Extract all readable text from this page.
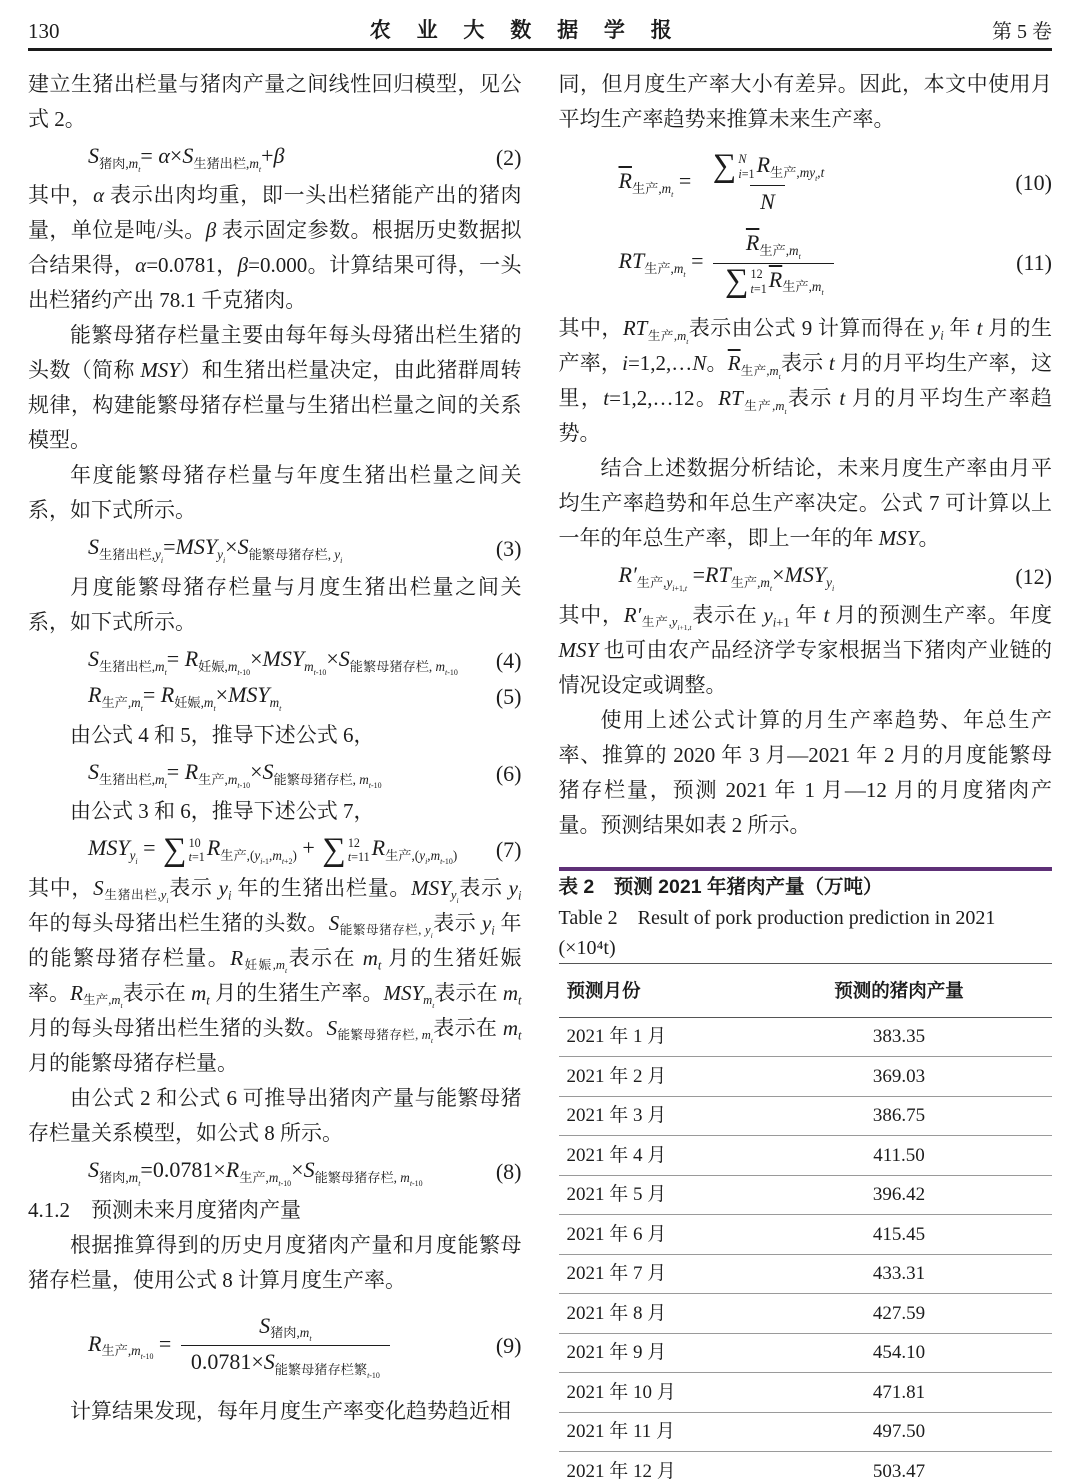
130	农 业 大 数 据 学 报	第 5 卷

建立生猪出栏量与猪肉产量之间线性回归模型，见公式 2。

$S_{猪肉,m_t}= \alpha\times S_{生猪出栏,m_t}+\beta$	(2)

其中，α 表示出肉均重，即一头出栏猪能产出的猪肉量，单位是吨/头。β 表示固定参数。根据历史数据拟合结果得，α=0.0781，β=0.000。计算结果可得，一头出栏猪约产出 78.1 千克猪肉。

能繁母猪存栏量主要由每年每头母猪出栏生猪的头数（简称 MSY）和生猪出栏量决定，由此猪群周转规律，构建能繁母猪存栏量与生猪出栏量之间的关系模型。

年度能繁母猪存栏量与年度生猪出栏量之间关系，如下式所示。

$S_{生猪出栏,y_i}=MSY_{y_i}\times S_{能繁母猪存栏, y_i}$	(3)

月度能繁母猪存栏量与月度生猪出栏量之间关系，如下式所示。

$S_{生猪出栏,m_t}= R_{妊娠,m_{t-10}}\times MSY_{m_{t-10}}\times S_{能繁母猪存栏, m_{t-10}}$	(4)
$R_{生产,m_t}= R_{妊娠,m_t}\times MSY_{m_t}$	(5)

由公式 4 和 5，推导下述公式 6，

$S_{生猪出栏,m_t}= R_{生产,m_{t-10}}\times S_{能繁母猪存栏, m_{t-10}}$	(6)

由公式 3 和 6，推导下述公式 7，

$MSY_{y_i}$ = ∑ 10
t=1 $R_{生产,(y_{i-1},m_{t+2})}$ + ∑ 12
t=11 $R_{生产,(y_i,m_{t-10})}$	(7)

其中，$S_{生猪出栏,y_i}$表示 $y_i$ 年的生猪出栏量。$MSY_{y_i}$表示 $y_i$ 年的每头母猪出栏生猪的头数。$S_{能繁母猪存栏, y_i}$表示 $y_i$ 年的能繁母猪存栏量。$R_{妊娠,m_t}$表示在 $m_t$ 月的生猪妊娠率。$R_{生产,m_t}$表示在 $m_t$ 月的生猪生产率。$MSY_{m_t}$表示在 $m_t$ 月的每头母猪出栏生猪的头数。$S_{能繁母猪存栏, m_t}$表示在 $m_t$ 月的能繁母猪存栏量。

由公式 2 和公式 6 可推导出猪肉产量与能繁母猪存栏量关系模型，如公式 8 所示。

$S_{猪肉,m_t}=0.0781\times R_{生产,m_{t-10}}\times S_{能繁母猪存栏, m_{t-10}}$	(8)

4.1.2　预测未来月度猪肉产量

根据推算得到的历史月度猪肉产量和月度能繁母猪存栏量，使用公式 8 计算月度生产率。

$R_{生产,m_{t-10}} = \frac{S_{猪肉,m_t}}{0.0781\times S_{能繁母猪存栏繁_{t-10}}}$	(9)

计算结果发现，每年月度生产率变化趋势趋近相

同，但月度生产率大小有差异。因此，本文中使用月平均生产率趋势来推算未来生产率。

$\overline{R}_{生产,m_t}$ = ∑ N
i=1 $R_{生产,my_t,t}$
N	(10)
$RT_{生产,m_t} = \overline{R}_{生产,m_t}$
∑ 12
t=1 $\overline{R}_{生产,m_t}$	(11)

其中，$RT_{生产,m_t}$表示由公式 9 计算而得在 $y_i$ 年 t 月的生产率，i=1,2,…N。$\overline{R}_{生产,m_t}$表示 t 月的月平均生产率，这里，t=1,2,…12。$RT_{生产,m_t}$表示 t 月的月平均生产率趋势。

结合上述数据分析结论，未来月度生产率由月平均生产率趋势和年总生产率决定。公式 7 可计算以上一年的年总生产率，即上一年的年 MSY。

$R'_{生产,y_{i+1,t}} =RT_{生产,m_t}\times MSY_{y_i}$	(12)

其中，$R'_{生产,y_{i+1,t}}$表示在 $y_{i+1}$ 年 t 月的预测生产率。年度 MSY 也可由农产品经济学专家根据当下猪肉产业链的情况设定或调整。

使用上述公式计算的月生产率趋势、年总生产率、推算的 2020 年 3 月—2021 年 2 月的月度能繁母猪存栏量，预测 2021 年 1 月—12 月的月度猪肉产量。预测结果如表 2 所示。

表 2　预测 2021 年猪肉产量（万吨）

Table 2　Result of pork production prediction in 2021 (×10⁴t)

预测月份	预测的猪肉产量
2021 年 1 月	383.35
2021 年 2 月	369.03
2021 年 3 月	386.75
2021 年 4 月	411.50
2021 年 5 月	396.42
2021 年 6 月	415.45
2021 年 7 月	433.31
2021 年 8 月	427.59
2021 年 9 月	454.10
2021 年 10 月	471.81
2021 年 11 月	497.50
2021 年 12 月	503.47
